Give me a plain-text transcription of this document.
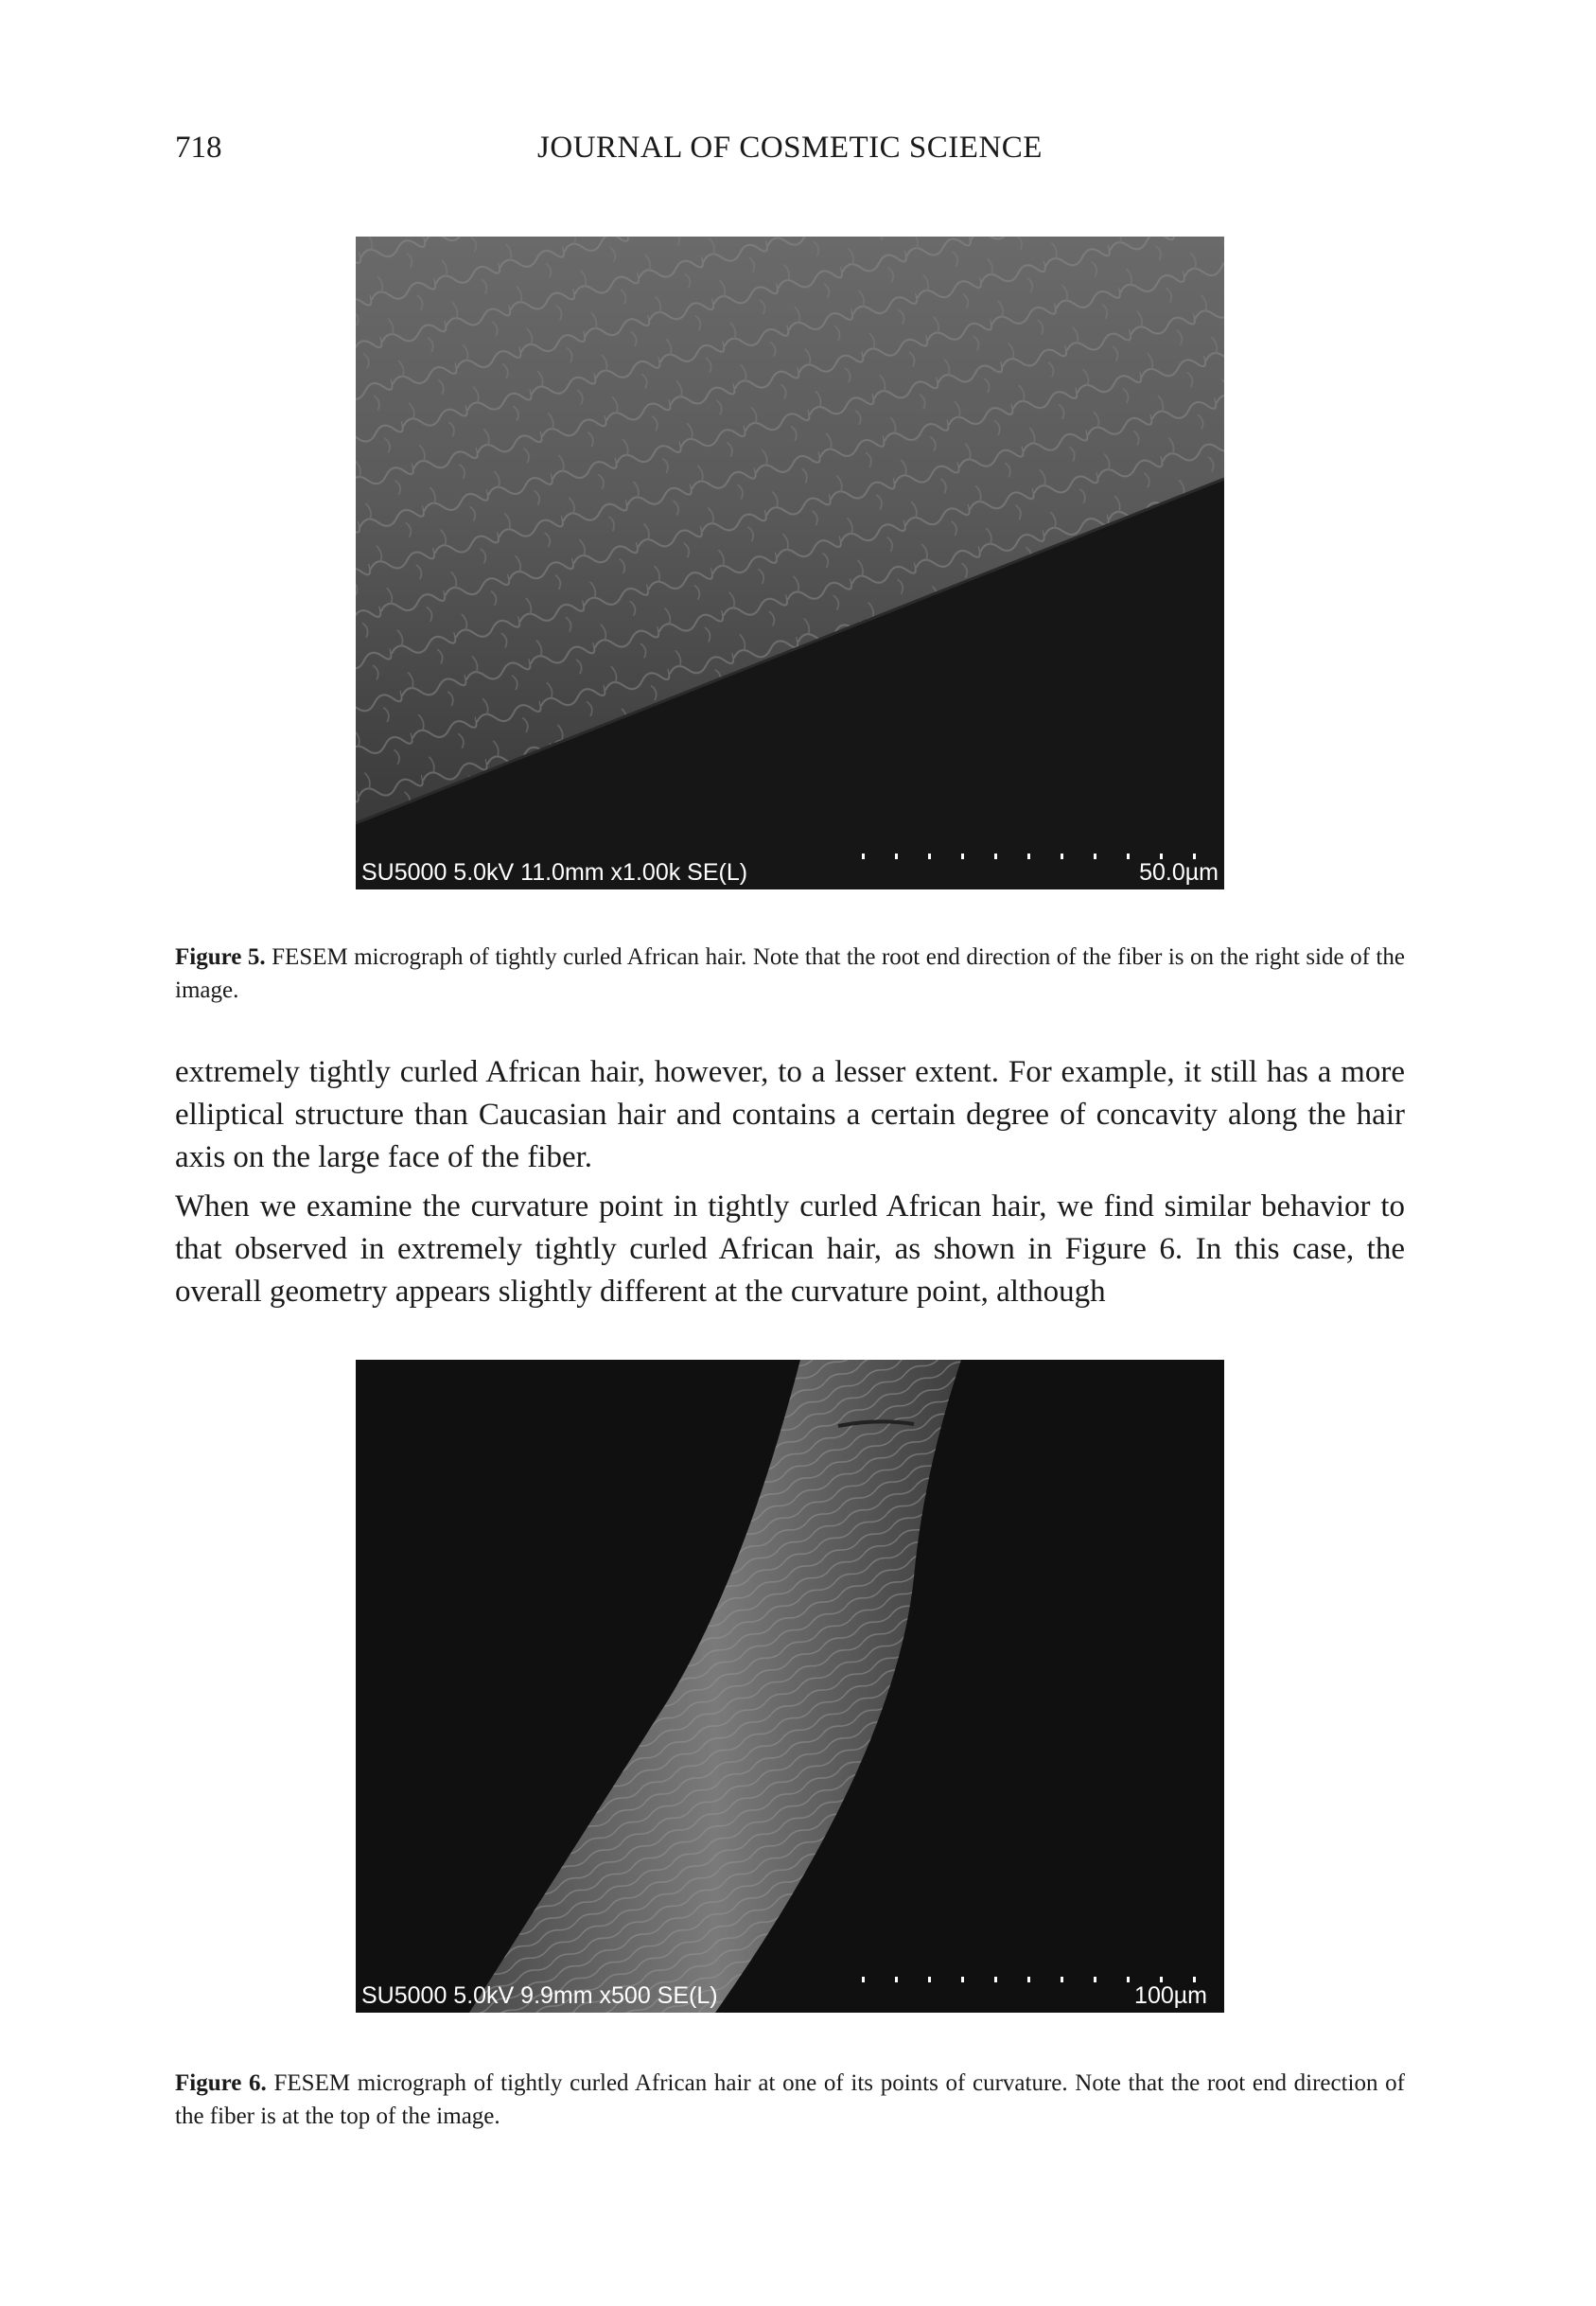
718	JOURNAL OF COSMETIC SCIENCE
SU5000 5.0kV 11.0mm x1.00k SE(L)	50.0µm
Figure 5. FESEM micrograph of tightly curled African hair. Note that the root end direction of the fiber is on the right side of the image.

extremely tightly curled African hair, however, to a lesser extent. For example, it still has a more elliptical structure than Caucasian hair and contains a certain degree of concavity along the hair axis on the large face of the fiber.

When we examine the curvature point in tightly curled African hair, we find similar behavior to that observed in extremely tightly curled African hair, as shown in Figure 6. In this case, the overall geometry appears slightly different at the curvature point, although

SU5000 5.0kV 9.9mm x500 SE(L)	100µm
Figure 6. FESEM micrograph of tightly curled African hair at one of its points of curvature. Note that the root end direction of the fiber is at the top of the image.
